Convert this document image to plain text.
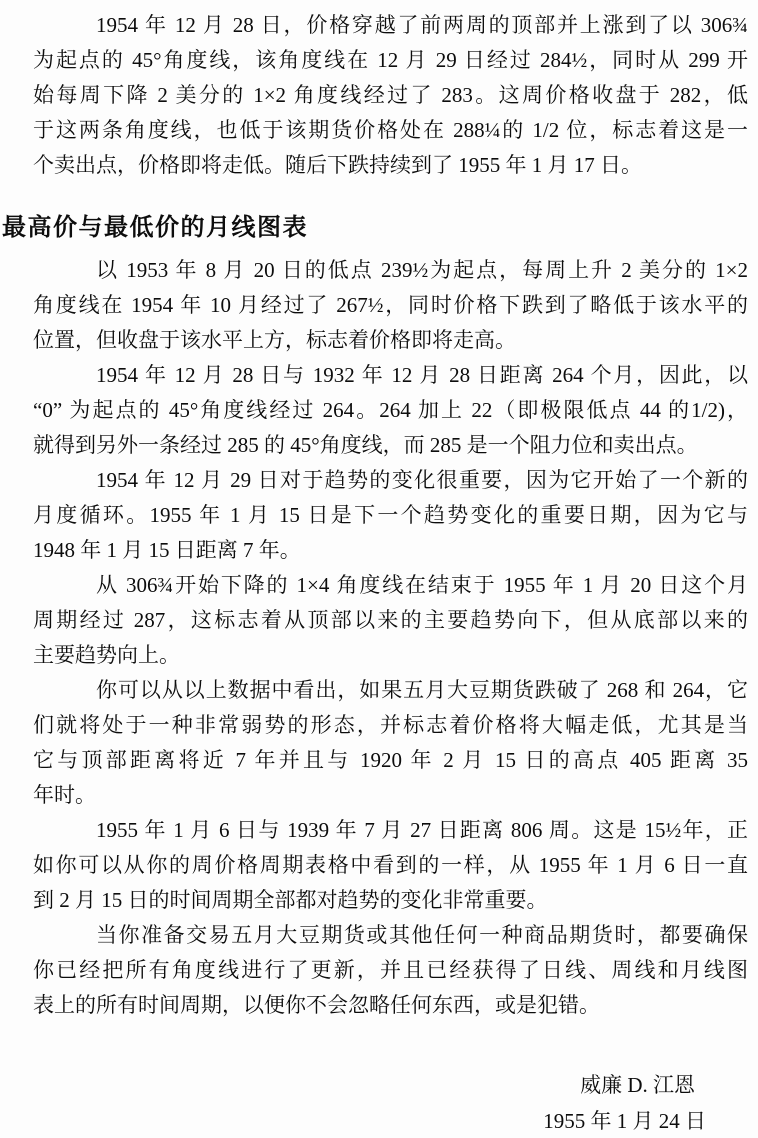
1954 年 12 月 28 日，价格穿越了前两周的顶部并上涨到了以 306¾
为起点的 45°角度线，该角度线在 12 月 29 日经过 284½，同时从 299 开
始每周下降 2 美分的 1×2 角度线经过了 283。这周价格收盘于 282，低
于这两条角度线，也低于该期货价格处在 288¼的 1/2 位，标志着这是一
个卖出点，价格即将走低。随后下跌持续到了 1955 年 1 月 17 日。
最高价与最低价的月线图表
以 1953 年 8 月 20 日的低点 239½为起点，每周上升 2 美分的 1×2
角度线在 1954 年 10 月经过了 267½，同时价格下跌到了略低于该水平的
位置，但收盘于该水平上方，标志着价格即将走高。
1954 年 12 月 28 日与 1932 年 12 月 28 日距离 264 个月，因此，以
“0” 为起点的 45°角度线经过 264。264 加上 22（即极限低点 44 的1/2)，
就得到另外一条经过 285 的 45°角度线，而 285 是一个阻力位和卖出点。
1954 年 12 月 29 日对于趋势的变化很重要，因为它开始了一个新的
月度循环。1955 年 1 月 15 日是下一个趋势变化的重要日期，因为它与
1948 年 1 月 15 日距离 7 年。
从 306¾开始下降的 1×4 角度线在结束于 1955 年 1 月 20 日这个月
周期经过 287，这标志着从顶部以来的主要趋势向下，但从底部以来的
主要趋势向上。
你可以从以上数据中看出，如果五月大豆期货跌破了 268 和 264，它
们就将处于一种非常弱势的形态，并标志着价格将大幅走低，尤其是当
它与顶部距离将近 7 年并且与 1920 年 2 月 15 日的高点 405 距离 35
年时。
1955 年 1 月 6 日与 1939 年 7 月 27 日距离 806 周。这是 15½年，正
如你可以从你的周价格周期表格中看到的一样，从 1955 年 1 月 6 日一直
到 2 月 15 日的时间周期全部都对趋势的变化非常重要。
当你准备交易五月大豆期货或其他任何一种商品期货时，都要确保
你已经把所有角度线进行了更新，并且已经获得了日线、周线和月线图
表上的所有时间周期，以便你不会忽略任何东西，或是犯错。
威廉 D. 江恩
1955 年 1 月 24 日
